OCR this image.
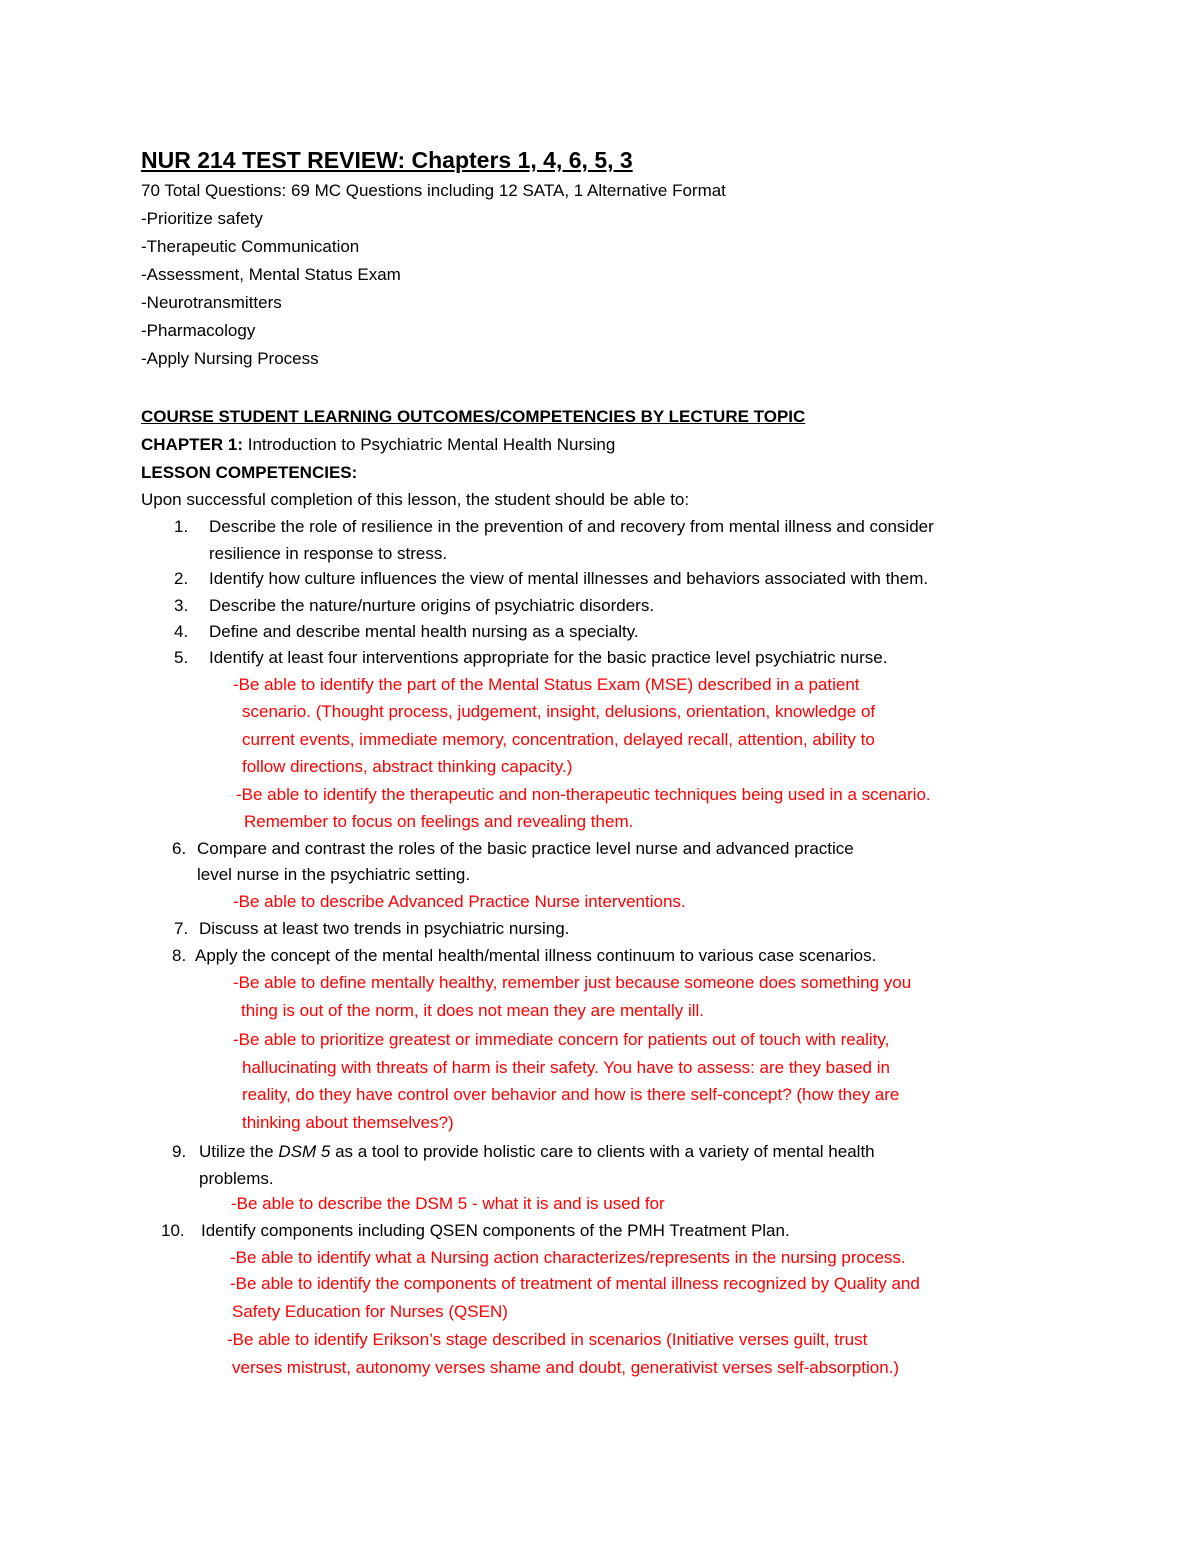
NUR 214 TEST REVIEW: Chapters 1, 4, 6, 5, 3
70 Total Questions: 69 MC Questions including 12 SATA, 1 Alternative Format
-Prioritize safety
-Therapeutic Communication
-Assessment, Mental Status Exam
-Neurotransmitters
-Pharmacology
-Apply Nursing Process
COURSE STUDENT LEARNING OUTCOMES/COMPETENCIES BY LECTURE TOPIC
CHAPTER 1: Introduction to Psychiatric Mental Health Nursing
LESSON COMPETENCIES:
Upon successful completion of this lesson, the student should be able to:
1. Describe the role of resilience in the prevention of and recovery from mental illness and consider
resilience in response to stress.
2. Identify how culture influences the view of mental illnesses and behaviors associated with them.
3. Describe the nature/nurture origins of psychiatric disorders.
4. Define and describe mental health nursing as a specialty.
5. Identify at least four interventions appropriate for the basic practice level psychiatric nurse.
-Be able to identify the part of the Mental Status Exam (MSE) described in a patient
scenario. (Thought process, judgement, insight, delusions, orientation, knowledge of
current events, immediate memory, concentration, delayed recall, attention, ability to
follow directions, abstract thinking capacity.)
-Be able to identify the therapeutic and non-therapeutic techniques being used in a scenario.
Remember to focus on feelings and revealing them.
6. Compare and contrast the roles of the basic practice level nurse and advanced practice
level nurse in the psychiatric setting.
-Be able to describe Advanced Practice Nurse interventions.
7. Discuss at least two trends in psychiatric nursing.
8. Apply the concept of the mental health/mental illness continuum to various case scenarios.
-Be able to define mentally healthy, remember just because someone does something you
thing is out of the norm, it does not mean they are mentally ill.
-Be able to prioritize greatest or immediate concern for patients out of touch with reality,
hallucinating with threats of harm is their safety. You have to assess: are they based in
reality, do they have control over behavior and how is there self-concept? (how they are
thinking about themselves?)
9. Utilize the DSM 5 as a tool to provide holistic care to clients with a variety of mental health
problems.
-Be able to describe the DSM 5 - what it is and is used for
10. Identify components including QSEN components of the PMH Treatment Plan.
-Be able to identify what a Nursing action characterizes/represents in the nursing process.
-Be able to identify the components of treatment of mental illness recognized by Quality and
Safety Education for Nurses (QSEN)
-Be able to identify Erikson’s stage described in scenarios (Initiative verses guilt, trust
verses mistrust, autonomy verses shame and doubt, generativist verses self-absorption.)
